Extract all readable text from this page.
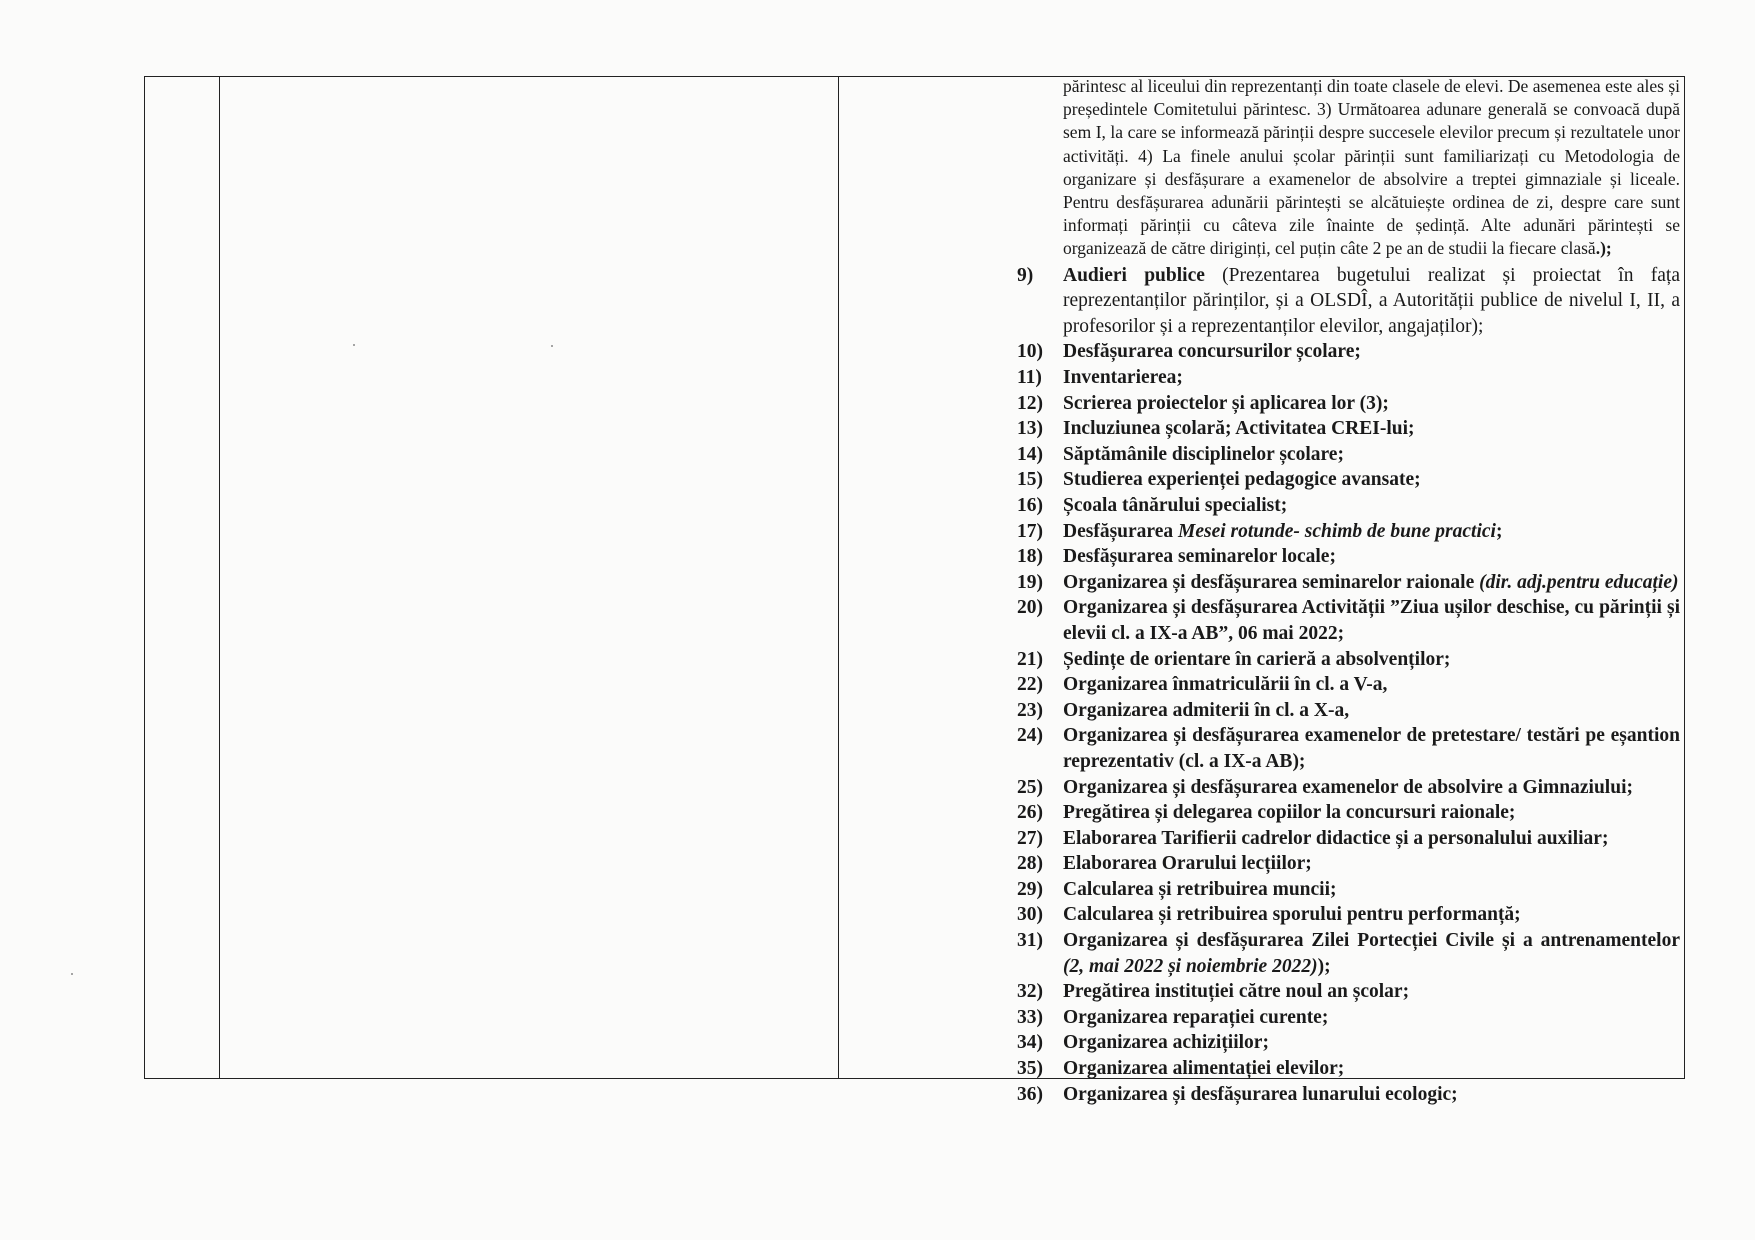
părintesc al liceului din reprezentanți din toate clasele de elevi. De asemenea este ales și președintele Comitetului părintesc. 3) Următoarea adunare generală se convoacă după sem I, la care se informează părinții despre succesele elevilor precum și rezultatele unor activități. 4) La finele anului școlar părinții sunt familiarizați cu Metodologia de organizare și desfășurare a examenelor de absolvire a treptei gimnaziale și liceale. Pentru desfășurarea adunării părintești se alcătuiește ordinea de zi, despre care sunt informați părinții cu câteva zile înainte de ședință. Alte adunări părintești se organizează de către diriginți, cel puțin câte 2 pe an de studii la fiecare clasă.);

9)	Audieri publice (Prezentarea bugetului realizat și proiectat în fața reprezentanților părinților, și a OLSDÎ, a Autorității publice de nivelul I, II, a profesorilor și a reprezentanților elevilor, angajaților);
10)	Desfășurarea concursurilor școlare;
11)	Inventarierea;
12)	Scrierea proiectelor și aplicarea lor (3);
13)	Incluziunea școlară; Activitatea CREI-lui;
14)	Săptămânile disciplinelor școlare;
15)	Studierea experienței pedagogice avansate;
16)	Școala tânărului specialist;
17)	Desfășurarea Mesei rotunde- schimb de bune practici;
18)	Desfășurarea seminarelor locale;
19)	Organizarea și desfășurarea seminarelor raionale (dir. adj.pentru educație)
20)	Organizarea și desfășurarea Activității ”Ziua ușilor deschise, cu părinții și elevii cl. a IX-a AB”, 06 mai 2022;
21)	Ședințe de orientare în carieră a absolvenților;
22)	Organizarea înmatriculării în cl. a V-a,
23)	Organizarea admiterii în cl. a X-a,
24)	Organizarea și desfășurarea examenelor de pretestare/ testări pe eșantion reprezentativ (cl. a IX-a AB);
25)	Organizarea și desfășurarea examenelor de absolvire a Gimnaziului;
26)	Pregătirea și delegarea copiilor la concursuri raionale;
27)	Elaborarea Tarifierii cadrelor didactice și a personalului auxiliar;
28)	Elaborarea Orarului lecțiilor;
29)	Calcularea și retribuirea muncii;
30)	Calcularea și retribuirea sporului pentru performanță;
31)	Organizarea și desfășurarea Zilei Portecției Civile și a antrenamentelor (2, mai 2022 și noiembrie 2022));
32)	Pregătirea instituției către noul an școlar;
33)	Organizarea reparației curente;
34)	Organizarea achizițiilor;
35)	Organizarea alimentației elevilor;
36)	Organizarea și desfășurarea lunarului ecologic;
